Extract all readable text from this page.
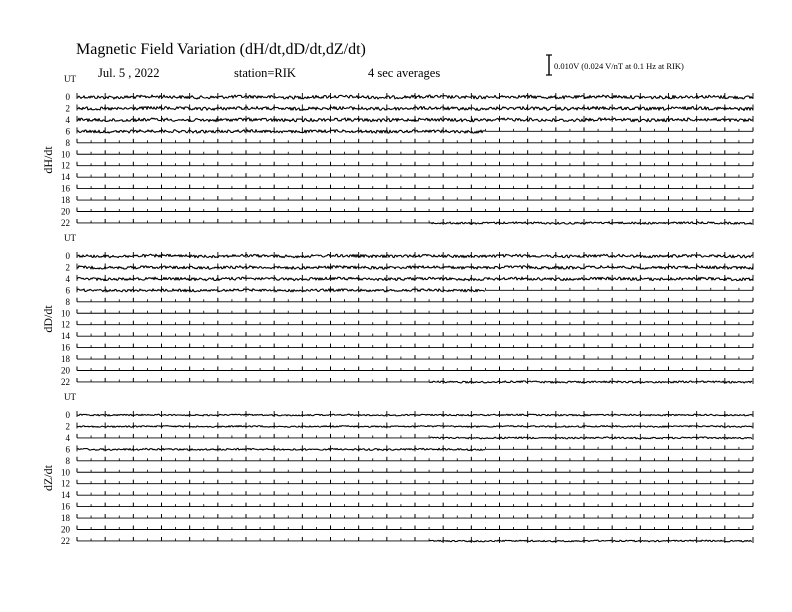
Magnetic Field Variation (dH/dt,dD/dt,dZ/dt)
Jul. 5 , 2022	station=RIK	4 sec averages	0.010V (0.024 V/nT at 0.1 Hz at RIK)
UT
dH/dt
0
2
4
6
8
10
12
14
16
18
20
22
UT
dD/dt
0
2
4
6
8
10
12
14
16
18
20
22
UT
dZ/dt
0
2
4
6
8
10
12
14
16
18
20
22
